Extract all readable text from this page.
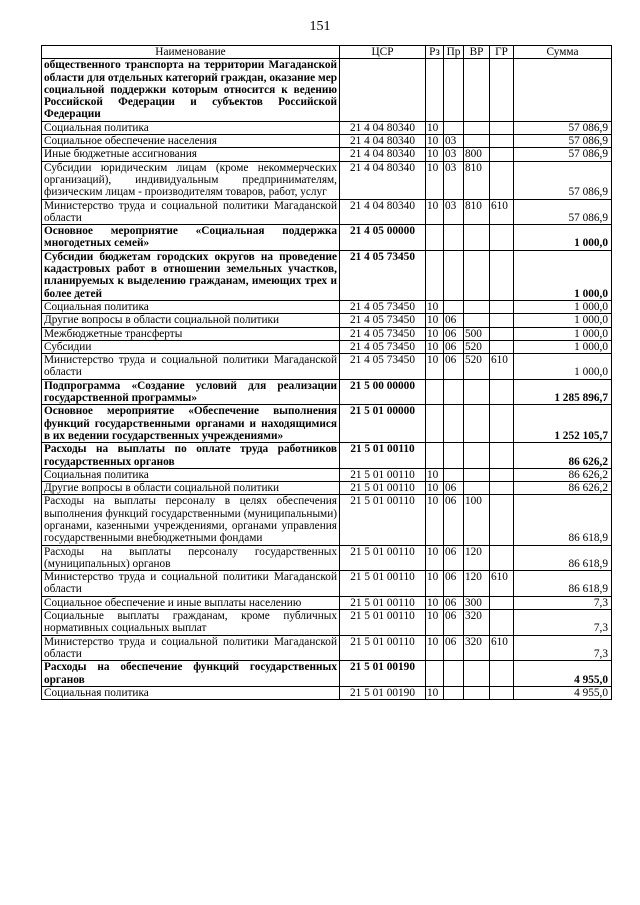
151
Наименование	ЦСР	Рз	Пр	ВР	ГР	Сумма
общественного транспорта на территории Магаданской области для отдельных категорий граждан, оказание мер социальной поддержки которым относится к ведению Российской Федерации и субъектов Российской Федерации						
Социальная политика	21 4 04 80340	10				57 086,9
Социальное обеспечение населения	21 4 04 80340	10	03			57 086,9
Иные бюджетные ассигнования	21 4 04 80340	10	03	800		57 086,9
Субсидии юридическим лицам (кроме некоммерческих организаций), индивидуальным предпринимателям, физическим лицам - производителям товаров, работ, услуг	21 4 04 80340	10	03	810		57 086,9
Министерство труда и социальной политики Магаданской области	21 4 04 80340	10	03	810	610	57 086,9
Основное мероприятие «Социальная поддержка многодетных семей»	21 4 05 00000					1 000,0
Субсидии бюджетам городских округов на проведение кадастровых работ в отношении земельных участков, планируемых к выделению гражданам, имеющих трех и более детей	21 4 05 73450					1 000,0
Социальная политика	21 4 05 73450	10				1 000,0
Другие вопросы в области социальной политики	21 4 05 73450	10	06			1 000,0
Межбюджетные трансферты	21 4 05 73450	10	06	500		1 000,0
Субсидии	21 4 05 73450	10	06	520		1 000,0
Министерство труда и социальной политики Магаданской области	21 4 05 73450	10	06	520	610	1 000,0
Подпрограмма «Создание условий для реализации государственной программы»	21 5 00 00000					1 285 896,7
Основное мероприятие «Обеспечение выполнения функций государственными органами и находящимися в их ведении государственных учреждениями»	21 5 01 00000					1 252 105,7
Расходы на выплаты по оплате труда работников государственных органов	21 5 01 00110					86 626,2
Социальная политика	21 5 01 00110	10				86 626,2
Другие вопросы в области социальной политики	21 5 01 00110	10	06			86 626,2
Расходы на выплаты персоналу в целях обеспечения выполнения функций государственными (муниципальными) органами, казенными учреждениями, органами управления государственными внебюджетными фондами	21 5 01 00110	10	06	100		86 618,9
Расходы на выплаты персоналу государственных (муниципальных) органов	21 5 01 00110	10	06	120		86 618,9
Министерство труда и социальной политики Магаданской области	21 5 01 00110	10	06	120	610	86 618,9
Социальное обеспечение и иные выплаты населению	21 5 01 00110	10	06	300		7,3
Социальные выплаты гражданам, кроме публичных нормативных социальных выплат	21 5 01 00110	10	06	320		7,3
Министерство труда и социальной политики Магаданской области	21 5 01 00110	10	06	320	610	7,3
Расходы на обеспечение функций государственных органов	21 5 01 00190					4 955,0
Социальная политика	21 5 01 00190	10				4 955,0
